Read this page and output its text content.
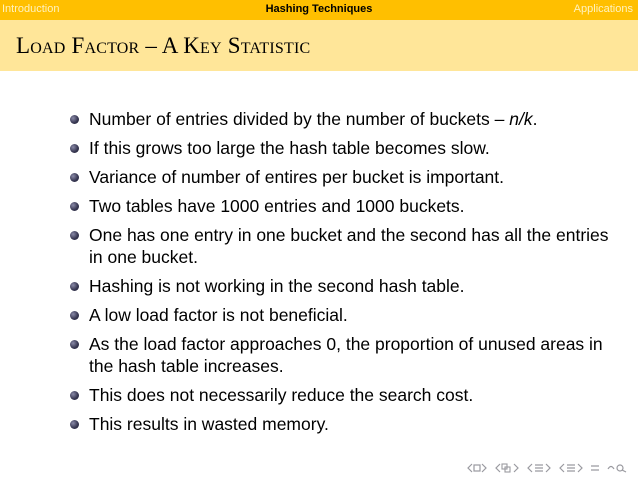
Introduction	Hashing Techniques	Applications
Load Factor – A Key Statistic
Number of entries divided by the number of buckets – n/k.
If this grows too large the hash table becomes slow.
Variance of number of entires per bucket is important.
Two tables have 1000 entries and 1000 buckets.
One has one entry in one bucket and the second has all the entries in one bucket.
Hashing is not working in the second hash table.
A low load factor is not beneficial.
As the load factor approaches 0, the proportion of unused areas in the hash table increases.
This does not necessarily reduce the search cost.
This results in wasted memory.
